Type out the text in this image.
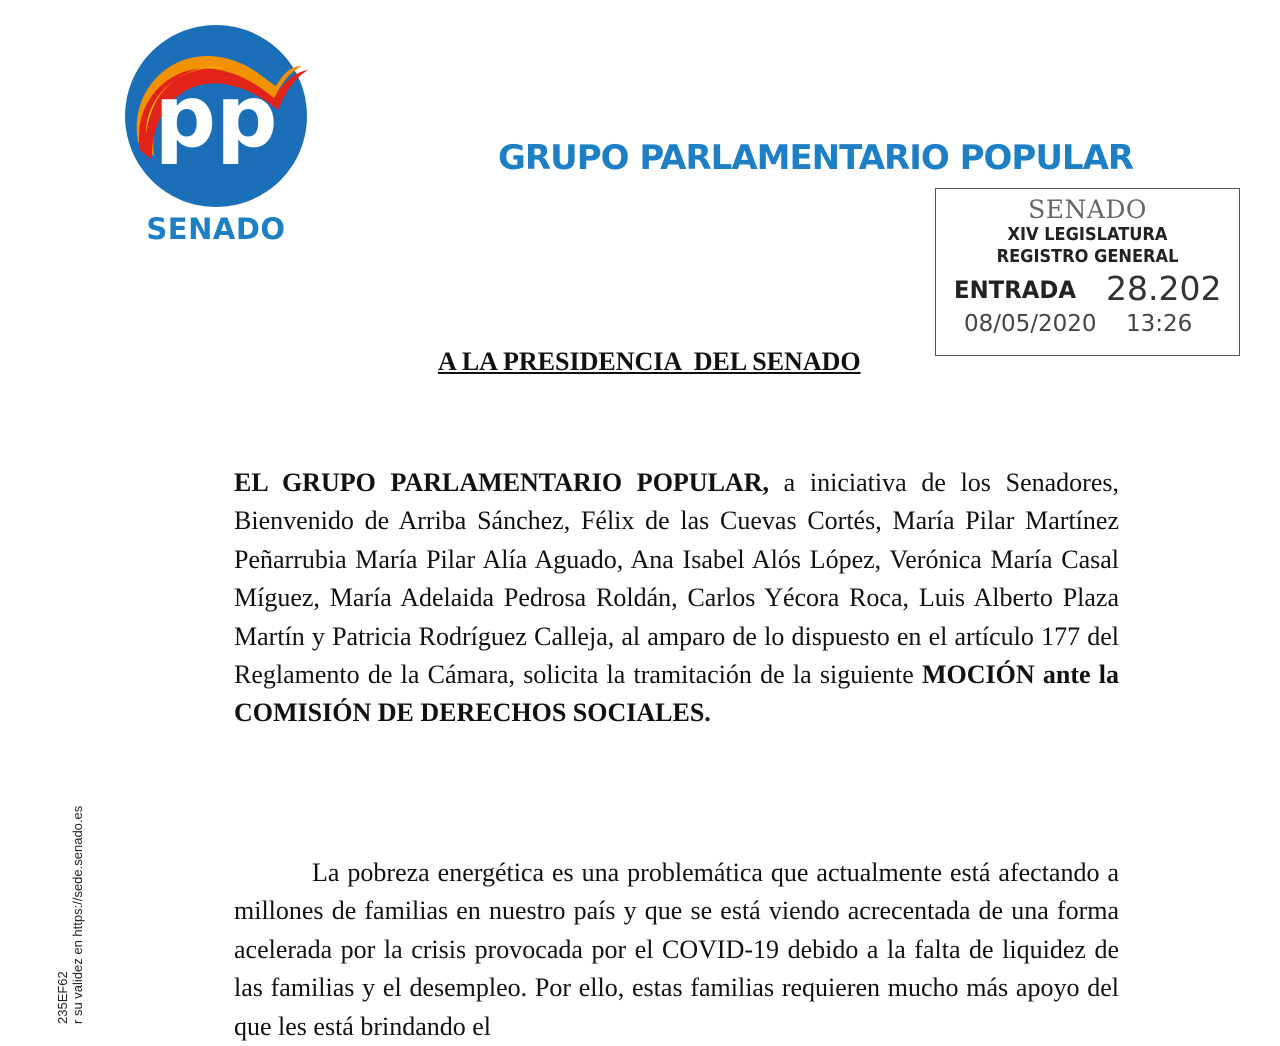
pp
SENADO
GRUPO PARLAMENTARIO POPULAR
SENADO
XIV LEGISLATURA
REGISTRO GENERAL
ENTRADA 28.202
08/05/2020 13:26
A LA PRESIDENCIA  DEL SENADO

EL GRUPO PARLAMENTARIO POPULAR, a iniciativa de los Senadores, Bienvenido de Arriba Sánchez, Félix de las Cuevas Cortés, María Pilar Martínez Peñarrubia María Pilar Alía Aguado, Ana Isabel Alós López, Verónica María Casal Míguez, María Adelaida Pedrosa Roldán, Carlos Yécora Roca, Luis Alberto Plaza Martín y Patricia Rodríguez Calleja, al amparo de lo dispuesto en el artículo 177 del Reglamento de la Cámara, solicita la tramitación de la siguiente MOCIÓN ante la COMISIÓN DE DERECHOS SOCIALES.

La pobreza energética es una problemática que actualmente está afectando a millones de familias en nuestro país y que se está viendo acrecentada de una forma acelerada por la crisis provocada por el COVID-19 debido a la falta de liquidez de las familias y el desempleo. Por ello, estas familias requieren mucho más apoyo del que les está brindando el

r su validez en https://sede.senado.es
235EF62
